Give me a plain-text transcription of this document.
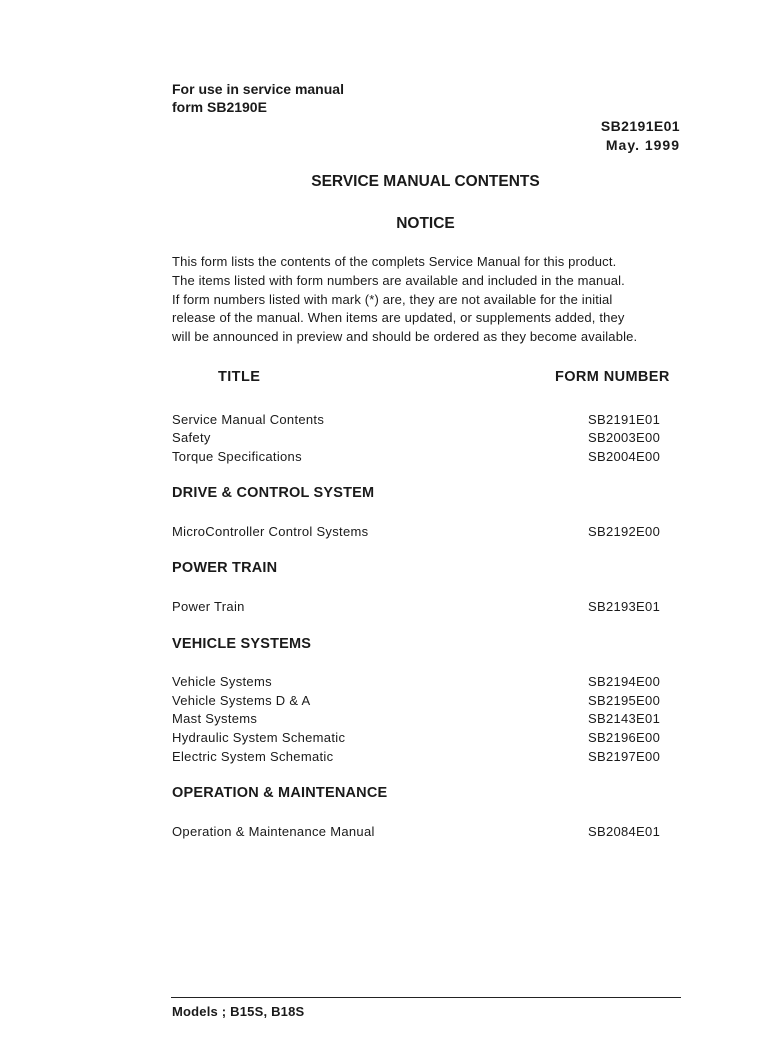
For use in service manual
form SB2190E
SB2191E01
May. 1999
SERVICE MANUAL CONTENTS
NOTICE
This form lists the contents of the complets Service Manual for this product.
The items listed with form numbers are available and included in the manual.
If form numbers listed with mark (*) are, they are not available for the initial
release of the manual. When items are updated, or supplements added, they
will be announced in preview and should be ordered as they become available.
TITLE	FORM NUMBER
Service Manual Contents	SB2191E01
Safety	SB2003E00
Torque Specifications	SB2004E00
DRIVE & CONTROL SYSTEM
MicroController Control Systems	SB2192E00
POWER TRAIN
Power Train	SB2193E01
VEHICLE SYSTEMS
Vehicle Systems	SB2194E00
Vehicle Systems D & A	SB2195E00
Mast Systems	SB2143E01
Hydraulic System Schematic	SB2196E00
Electric System Schematic	SB2197E00
OPERATION & MAINTENANCE
Operation & Maintenance Manual	SB2084E01
Models ; B15S, B18S
